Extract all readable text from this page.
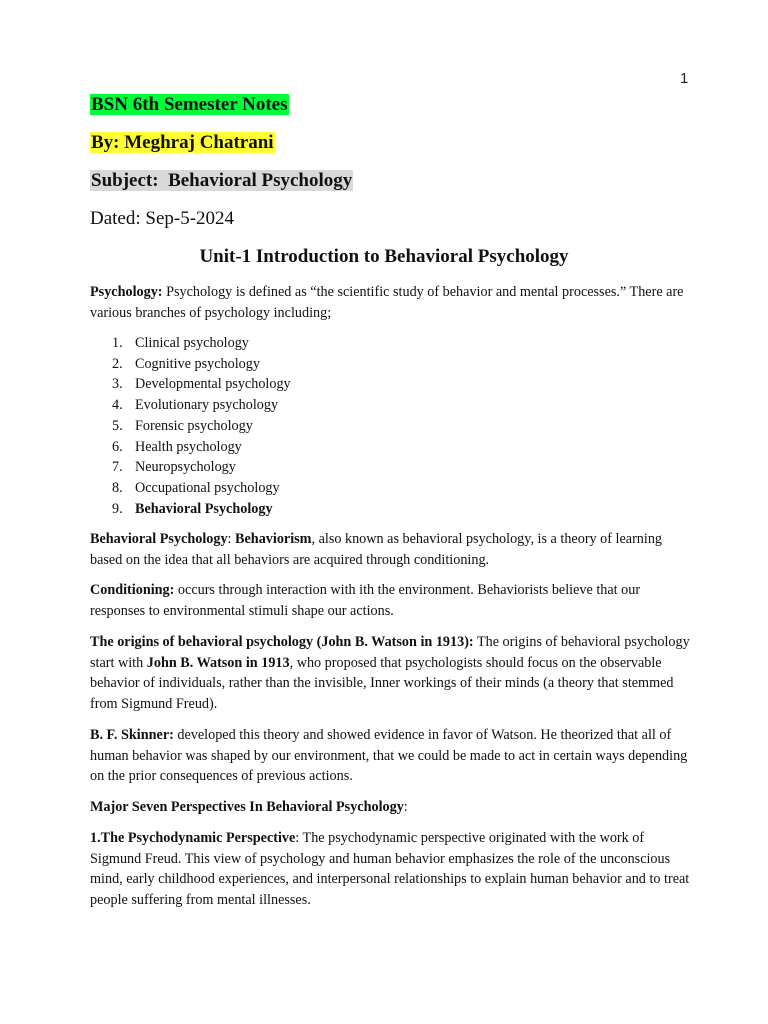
1
BSN 6th Semester Notes
By: Meghraj Chatrani
Subject: Behavioral Psychology
Dated: Sep-5-2024
Unit-1 Introduction to Behavioral Psychology
Psychology: Psychology is defined as “the scientific study of behavior and mental processes.” There are various branches of psychology including;
1. Clinical psychology
2. Cognitive psychology
3. Developmental psychology
4. Evolutionary psychology
5. Forensic psychology
6. Health psychology
7. Neuropsychology
8. Occupational psychology
9. Behavioral Psychology
Behavioral Psychology: Behaviorism, also known as behavioral psychology, is a theory of learning based on the idea that all behaviors are acquired through conditioning.
Conditioning: occurs through interaction with ith the environment. Behaviorists believe that our responses to environmental stimuli shape our actions.
The origins of behavioral psychology (John B. Watson in 1913): The origins of behavioral psychology start with John B. Watson in 1913, who proposed that psychologists should focus on the observable behavior of individuals, rather than the invisible, Inner workings of their minds (a theory that stemmed from Sigmund Freud).
B. F. Skinner: developed this theory and showed evidence in favor of Watson. He theorized that all of human behavior was shaped by our environment, that we could be made to act in certain ways depending on the prior consequences of previous actions.
Major Seven Perspectives In Behavioral Psychology:
1.The Psychodynamic Perspective: The psychodynamic perspective originated with the work of Sigmund Freud. This view of psychology and human behavior emphasizes the role of the unconscious mind, early childhood experiences, and interpersonal relationships to explain human behavior and to treat people suffering from mental illnesses.
